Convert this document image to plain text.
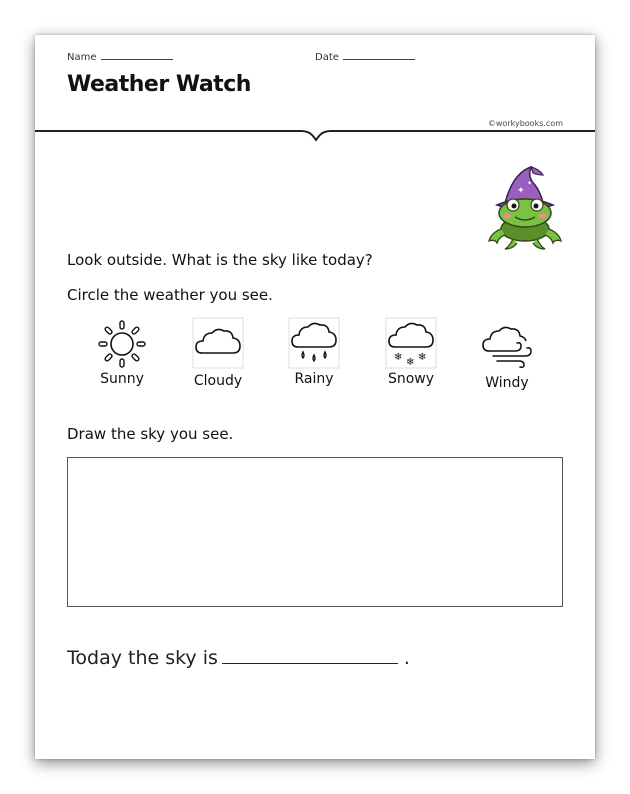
Name	Date
Weather Watch
©workybooks.com
✦
✦
Look outside. What is the sky like today?
Circle the weather you see.
Sunny	Cloudy	Rainy
❄ ❄ ❄
Snowy	Windy
Draw the sky you see.
Today the sky is	.
